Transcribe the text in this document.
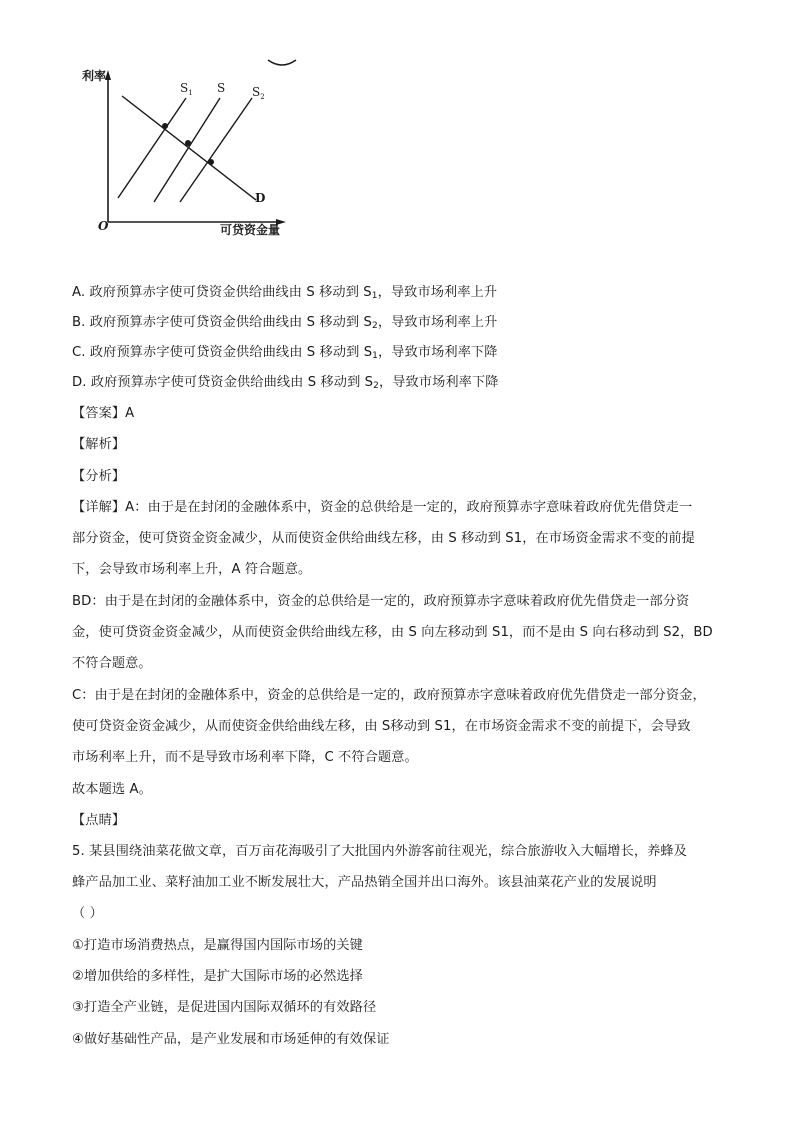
利率
O	可贷资金量
$S_1$ S $S_2$
D
A. 政府预算赤字使可贷资金供给曲线由 S 移动到 $S_1$，导致市场利率上升
B. 政府预算赤字使可贷资金供给曲线由 S 移动到 $S_2$，导致市场利率上升
C. 政府预算赤字使可贷资金供给曲线由 S 移动到 $S_1$，导致市场利率下降
D. 政府预算赤字使可贷资金供给曲线由 S 移动到 $S_2$，导致市场利率下降
【答案】A
【解析】
【分析】
【详解】A：由于是在封闭的金融体系中，资金的总供给是一定的，政府预算赤字意味着政府优先借贷走一
部分资金，使可贷资金资金减少，从而使资金供给曲线左移，由 S 移动到 S1，在市场资金需求不变的前提
下，会导致市场利率上升，A 符合题意。
BD：由于是在封闭的金融体系中，资金的总供给是一定的，政府预算赤字意味着政府优先借贷走一部分资
金，使可贷资金资金减少，从而使资金供给曲线左移，由 S 向左移动到 S1，而不是由 S 向右移动到 S2，BD
不符合题意。
C：由于是在封闭的金融体系中，资金的总供给是一定的，政府预算赤字意味着政府优先借贷走一部分资金，
使可贷资金资金减少，从而使资金供给曲线左移，由 S移动到 S1，在市场资金需求不变的前提下，会导致
市场利率上升，而不是导致市场利率下降，C 不符合题意。
故本题选 A。
【点睛】
5. 某县围绕油菜花做文章，百万亩花海吸引了大批国内外游客前往观光，综合旅游收入大幅增长，养蜂及
蜂产品加工业、菜籽油加工业不断发展壮大，产品热销全国并出口海外。该县油菜花产业的发展说明
（ ）
①打造市场消费热点，是赢得国内国际市场的关键
②增加供给的多样性，是扩大国际市场的必然选择
③打造全产业链，是促进国内国际双循环的有效路径
④做好基础性产品，是产业发展和市场延伸的有效保证
